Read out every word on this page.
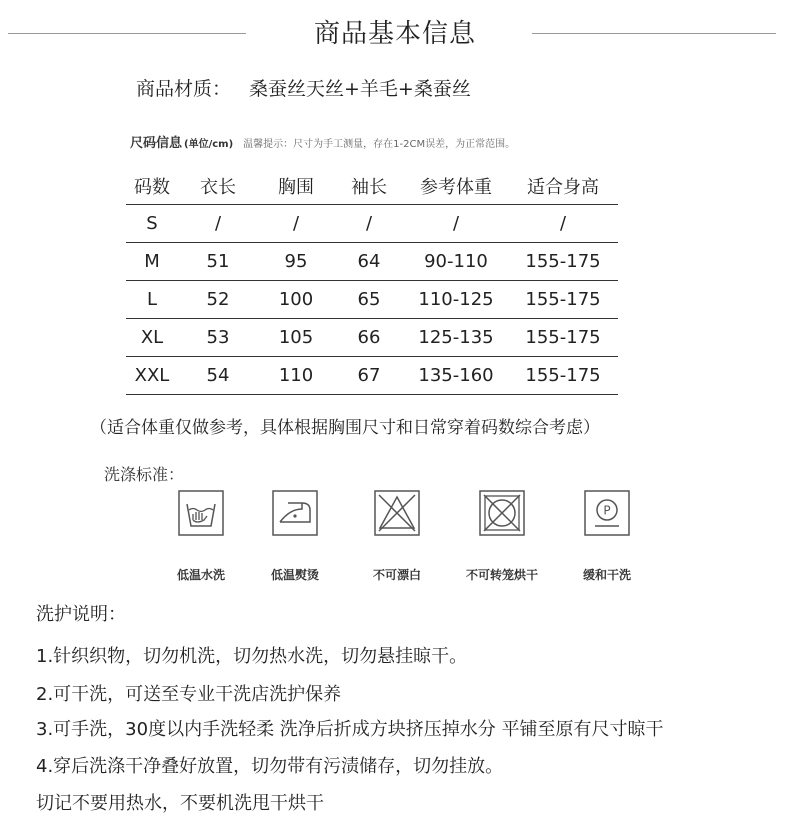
商品基本信息
商品材质： 桑蚕丝天丝+羊毛+桑蚕丝
尺码信息 (单位/cm) 温馨提示：尺寸为手工测量，存在1-2CM误差，为正常范围。
码数	衣长	胸围	袖长	参考体重	适合身高
S	/	/	/	/	/
M	51	95	64	90-110	155-175
L	52	100	65	110-125	155-175
XL	53	105	66	125-135	155-175
XXL	54	110	67	135-160	155-175
（适合体重仅做参考，具体根据胸围尺寸和日常穿着码数综合考虑）
洗涤标准：
低温水洗	低温熨烫	不可漂白	不可转笼烘干
P
缓和干洗
洗护说明：
1.针织织物，切勿机洗，切勿热水洗，切勿悬挂晾干。
2.可干洗，可送至专业干洗店洗护保养
3.可手洗，30度以内手洗轻柔 洗净后折成方块挤压掉水分 平铺至原有尺寸晾干
4.穿后洗涤干净叠好放置，切勿带有污渍储存，切勿挂放。
切记不要用热水，不要机洗甩干烘干
